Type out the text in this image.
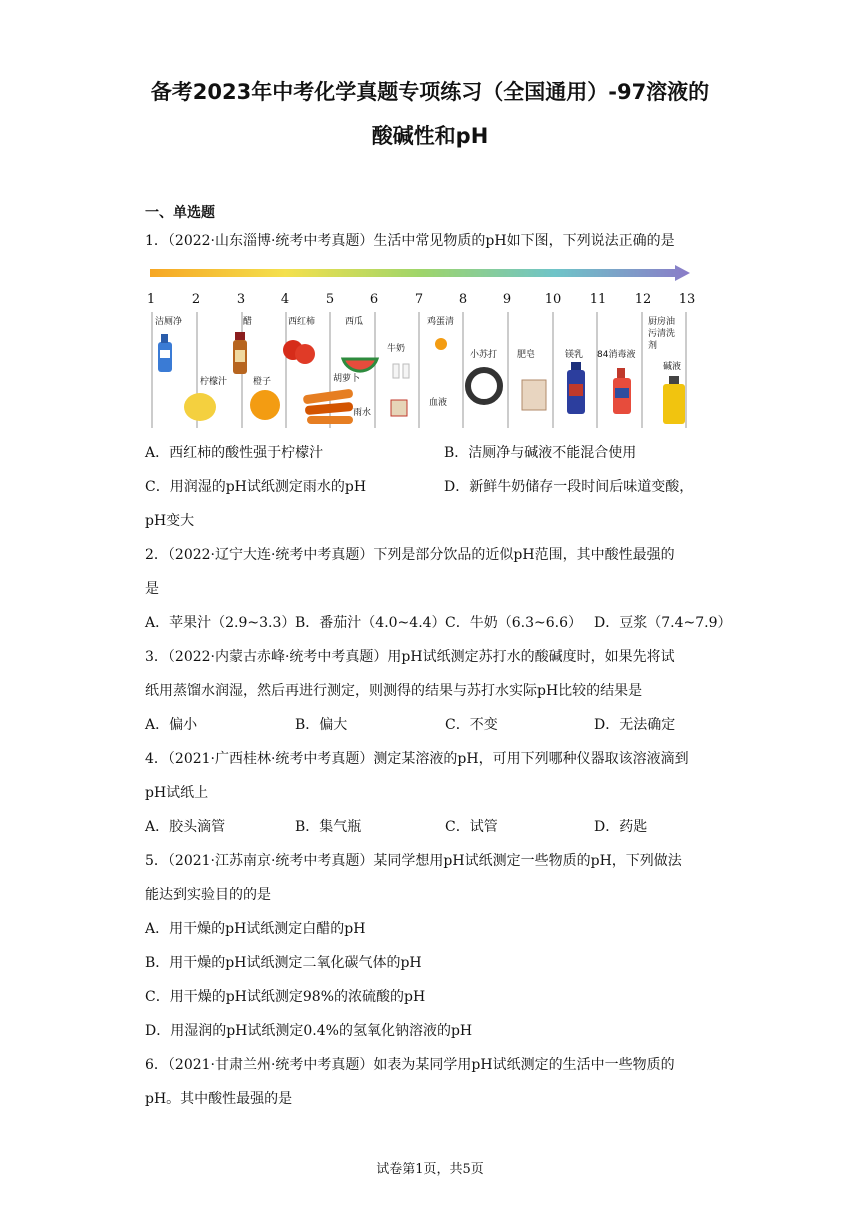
备考2023年中考化学真题专项练习（全国通用）-97溶液的
酸碱性和pH
一、单选题
1．（2022·山东淄博·统考中考真题）生活中常见物质的pH如下图，下列说法正确的是
1	2	3	4	5	6	7	8	9	10 11 12 13
洁厕净
柠檬汁
醋
橙子
西红柿	西瓜
胡萝卜
牛奶
雨水
鸡蛋清
血液
小苏打 肥皂	镁乳 84消毒液
厨房油
污清洗
剂
碱液
A．西红柿的酸性强于柠檬汁	B．洁厕净与碱液不能混合使用
C．用润湿的pH试纸测定雨水的pH	D．新鲜牛奶储存一段时间后味道变酸，
pH变大
2．（2022·辽宁大连·统考中考真题）下列是部分饮品的近似pH范围，其中酸性最强的
是
A．苹果汁（2.9~3.3） B．番茄汁（4.0~4.4） C．牛奶（6.3~6.6） D．豆浆（7.4~7.9）
3．（2022·内蒙古赤峰·统考中考真题）用pH试纸测定苏打水的酸碱度时，如果先将试
纸用蒸馏水润湿，然后再进行测定，则测得的结果与苏打水实际pH比较的结果是
A．偏小	B．偏大	C．不变	D．无法确定
4．（2021·广西桂林·统考中考真题）测定某溶液的pH，可用下列哪种仪器取该溶液滴到
pH试纸上
A．胶头滴管	B．集气瓶	C．试管	D．药匙
5．（2021·江苏南京·统考中考真题）某同学想用pH试纸测定一些物质的pH，下列做法
能达到实验目的的是
A．用干燥的pH试纸测定白醋的pH
B．用干燥的pH试纸测定二氧化碳气体的pH
C．用干燥的pH试纸测定98%的浓硫酸的pH
D．用湿润的pH试纸测定0.4%的氢氧化钠溶液的pH
6．（2021·甘肃兰州·统考中考真题）如表为某同学用pH试纸测定的生活中一些物质的
pH。其中酸性最强的是
试卷第1页，共5页
